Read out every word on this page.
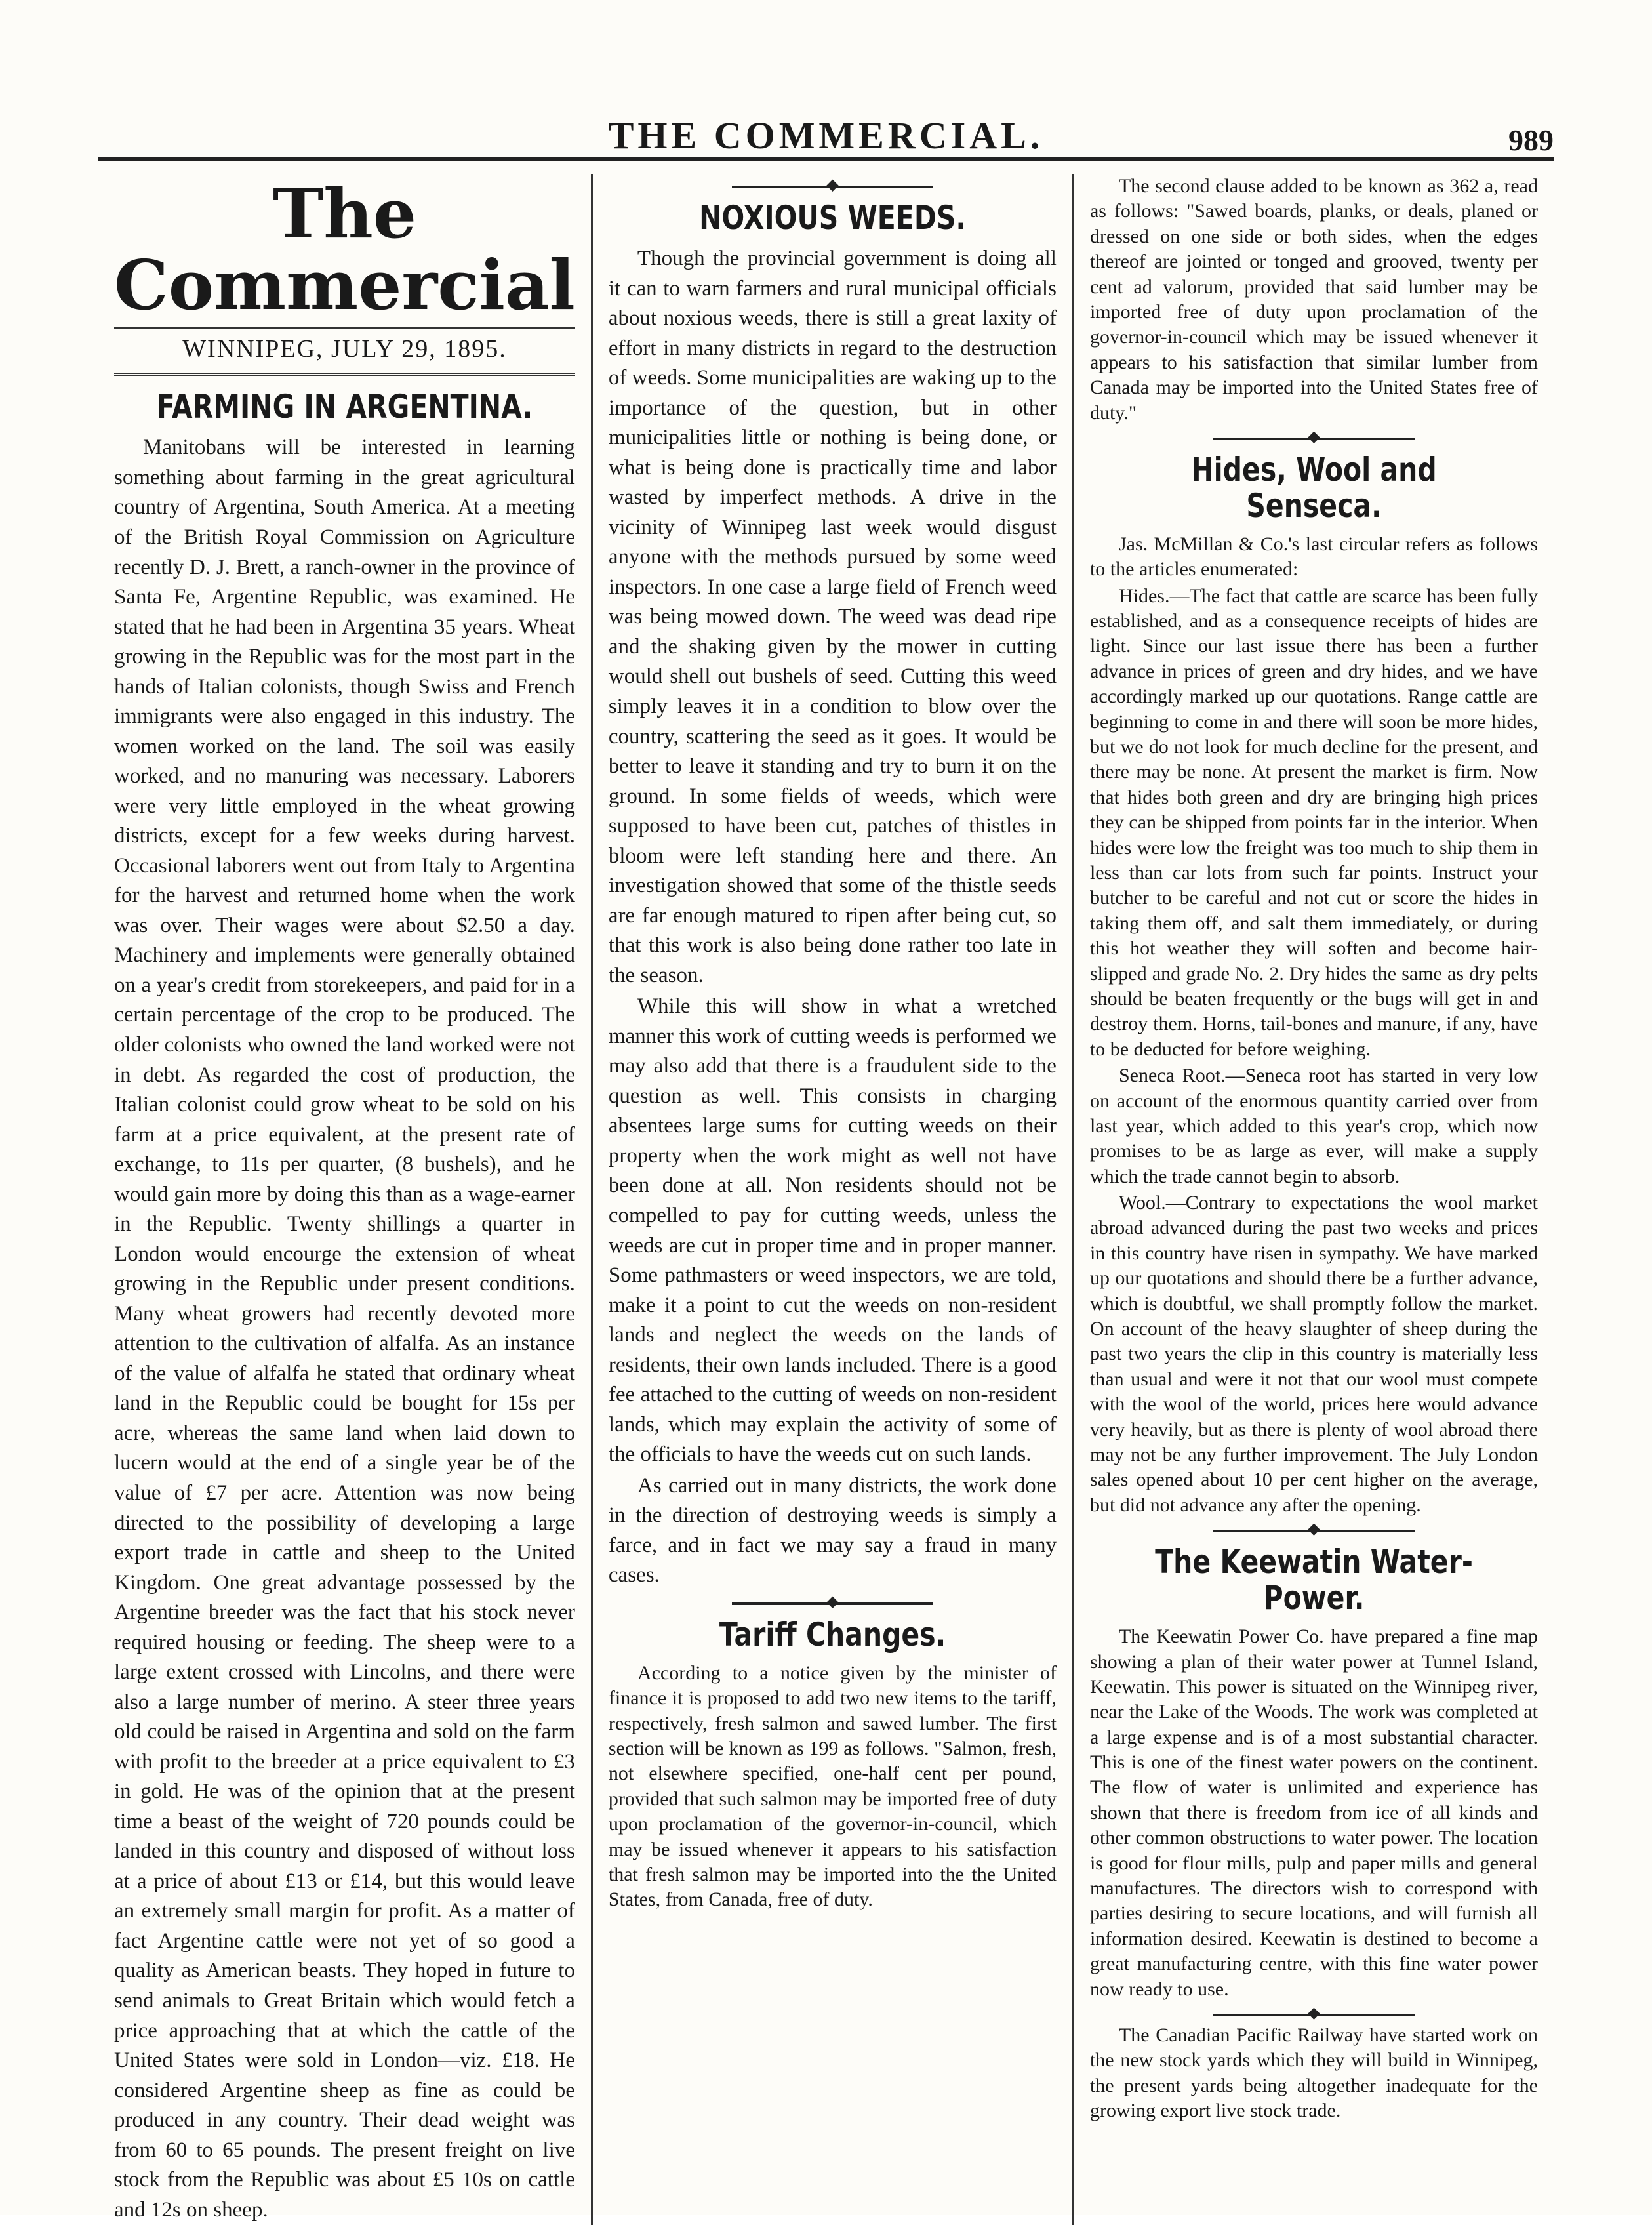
THE COMMERCIAL.	989
The Commercial
WINNIPEG, JULY 29, 1895.
FARMING IN ARGENTINA.

Manitobans will be interested in learning something about farming in the great agricultural country of Argentina, South America. At a meeting of the British Royal Commission on Agriculture recently D. J. Brett, a ranch-owner in the province of Santa Fe, Argentine Republic, was examined. He stated that he had been in Argentina 35 years. Wheat growing in the Republic was for the most part in the hands of Italian colonists, though Swiss and French immigrants were also engaged in this industry. The women worked on the land. The soil was easily worked, and no manuring was necessary. Laborers were very little employed in the wheat growing districts, except for a few weeks during harvest. Occasional laborers went out from Italy to Argentina for the harvest and returned home when the work was over. Their wages were about $2.50 a day. Machinery and implements were generally obtained on a year's credit from storekeepers, and paid for in a certain percentage of the crop to be produced. The older colonists who owned the land worked were not in debt. As regarded the cost of production, the Italian colonist could grow wheat to be sold on his farm at a price equivalent, at the present rate of exchange, to 11s per quarter, (8 bushels), and he would gain more by doing this than as a wage-earner in the Republic. Twenty shillings a quarter in London would encourge the extension of wheat growing in the Republic under present conditions. Many wheat growers had recently devoted more attention to the cultivation of alfalfa. As an instance of the value of alfalfa he stated that ordinary wheat land in the Republic could be bought for 15s per acre, whereas the same land when laid down to lucern would at the end of a single year be of the value of £7 per acre. Attention was now being directed to the possibility of developing a large export trade in cattle and sheep to the United Kingdom. One great advantage possessed by the Argentine breeder was the fact that his stock never required housing or feeding. The sheep were to a large extent crossed with Lincolns, and there were also a large number of merino. A steer three years old could be raised in Argentina and sold on the farm with profit to the breeder at a price equivalent to £3 in gold. He was of the opinion that at the present time a beast of the weight of 720 pounds could be landed in this country and disposed of without loss at a price of about £13 or £14, but this would leave an extremely small margin for profit. As a matter of fact Argentine cattle were not yet of so good a quality as American beasts. They hoped in future to send animals to Great Britain which would fetch a price approaching that at which the cattle of the United States were sold in London—viz. £18. He considered Argentine sheep as fine as could be produced in any country. Their dead weight was from 60 to 65 pounds. The present freight on live stock from the Republic was about £5 10s on cattle and 12s on sheep.

◆
NOXIOUS WEEDS.

Though the provincial government is doing all it can to warn farmers and rural municipal officials about noxious weeds, there is still a great laxity of effort in many districts in regard to the destruction of weeds. Some municipalities are waking up to the importance of the question, but in other municipalities little or nothing is being done, or what is being done is practically time and labor wasted by imperfect methods. A drive in the vicinity of Winnipeg last week would disgust anyone with the methods pursued by some weed inspectors. In one case a large field of French weed was being mowed down. The weed was dead ripe and the shaking given by the mower in cutting would shell out bushels of seed. Cutting this weed simply leaves it in a condition to blow over the country, scattering the seed as it goes. It would be better to leave it standing and try to burn it on the ground. In some fields of weeds, which were supposed to have been cut, patches of thistles in bloom were left standing here and there. An investigation showed that some of the thistle seeds are far enough matured to ripen after being cut, so that this work is also being done rather too late in the season.

While this will show in what a wretched manner this work of cutting weeds is performed we may also add that there is a fraudulent side to the question as well. This consists in charging absentees large sums for cutting weeds on their property when the work might as well not have been done at all. Non residents should not be compelled to pay for cutting weeds, unless the weeds are cut in proper time and in proper manner. Some pathmasters or weed inspectors, we are told, make it a point to cut the weeds on non-resident lands and neglect the weeds on the lands of residents, their own lands included. There is a good fee attached to the cutting of weeds on non-resident lands, which may explain the activity of some of the officials to have the weeds cut on such lands.

As carried out in many districts, the work done in the direction of destroying weeds is simply a farce, and in fact we may say a fraud in many cases.

◆
Tariff Changes.

According to a notice given by the minister of finance it is proposed to add two new items to the tariff, respectively, fresh salmon and sawed lumber. The first section will be known as 199 as follows. "Salmon, fresh, not elsewhere specified, one-half cent per pound, provided that such salmon may be imported free of duty upon proclamation of the governor-in-council, which may be issued whenever it appears to his satisfaction that fresh salmon may be imported into the the United States, from Canada, free of duty.

The second clause added to be known as 362 a, read as follows: "Sawed boards, planks, or deals, planed or dressed on one side or both sides, when the edges thereof are jointed or tonged and grooved, twenty per cent ad valorum, provided that said lumber may be imported free of duty upon proclamation of the governor-in-council which may be issued whenever it appears to his satisfaction that similar lumber from Canada may be imported into the United States free of duty."

◆
Hides, Wool and Senseca.

Jas. McMillan & Co.'s last circular refers as follows to the articles enumerated:

Hides.—The fact that cattle are scarce has been fully established, and as a consequence receipts of hides are light. Since our last issue there has been a further advance in prices of green and dry hides, and we have accordingly marked up our quotations. Range cattle are beginning to come in and there will soon be more hides, but we do not look for much decline for the present, and there may be none. At present the market is firm. Now that hides both green and dry are bringing high prices they can be shipped from points far in the interior. When hides were low the freight was too much to ship them in less than car lots from such far points. Instruct your butcher to be careful and not cut or score the hides in taking them off, and salt them immediately, or during this hot weather they will soften and become hair-slipped and grade No. 2. Dry hides the same as dry pelts should be beaten frequently or the bugs will get in and destroy them. Horns, tail-bones and manure, if any, have to be deducted for before weighing.

Seneca Root.—Seneca root has started in very low on account of the enormous quantity carried over from last year, which added to this year's crop, which now promises to be as large as ever, will make a supply which the trade cannot begin to absorb.

Wool.—Contrary to expectations the wool market abroad advanced during the past two weeks and prices in this country have risen in sympathy. We have marked up our quotations and should there be a further advance, which is doubtful, we shall promptly follow the market. On account of the heavy slaughter of sheep during the past two years the clip in this country is materially less than usual and were it not that our wool must compete with the wool of the world, prices here would advance very heavily, but as there is plenty of wool abroad there may not be any further improvement. The July London sales opened about 10 per cent higher on the average, but did not advance any after the opening.

◆
The Keewatin Water-Power.

The Keewatin Power Co. have prepared a fine map showing a plan of their water power at Tunnel Island, Keewatin. This power is situated on the Winnipeg river, near the Lake of the Woods. The work was completed at a large expense and is of a most substantial character. This is one of the finest water powers on the continent. The flow of water is unlimited and experience has shown that there is freedom from ice of all kinds and other common obstructions to water power. The location is good for flour mills, pulp and paper mills and general manufactures. The directors wish to correspond with parties desiring to secure locations, and will furnish all information desired. Keewatin is destined to become a great manufacturing centre, with this fine water power now ready to use.

◆

The Canadian Pacific Railway have started work on the new stock yards which they will build in Winnipeg, the present yards being altogether inadequate for the growing export live stock trade.
